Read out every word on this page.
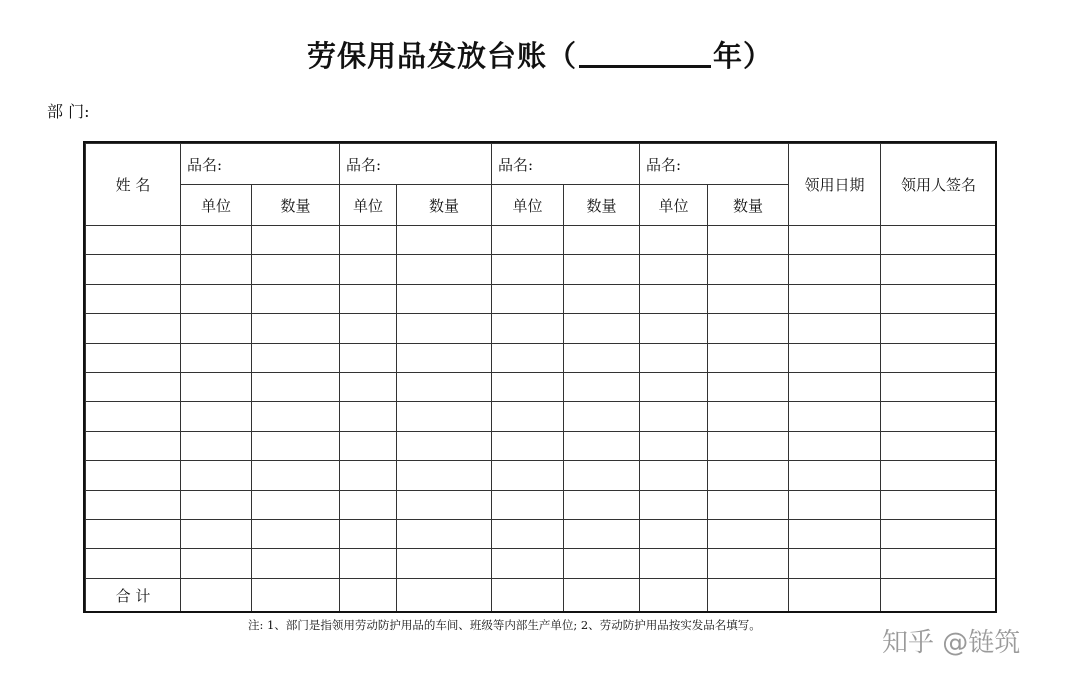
劳保用品发放台账（	年）
部 门:
姓 名	品名:		品名:		品名:		品名:		领用日期	领用人签名
	单位	数量	单位	数量	单位	数量	单位	数量		

合 计										
注: 1、部门是指领用劳动防护用品的车间、班级等内部生产单位; 2、劳动防护用品按实发品名填写。
知乎 @链筑
